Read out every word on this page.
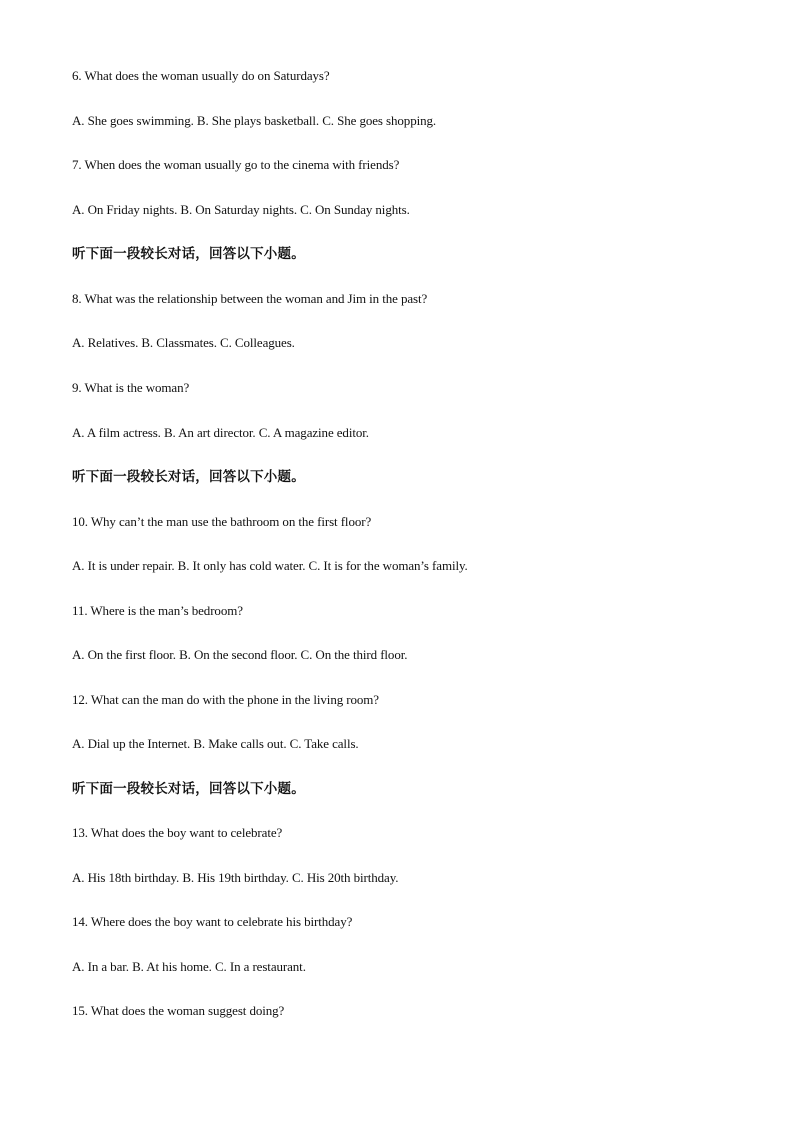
6. What does the woman usually do on Saturdays?
A. She goes swimming. B. She plays basketball. C. She goes shopping.
7. When does the woman usually go to the cinema with friends?
A. On Friday nights. B. On Saturday nights. C. On Sunday nights.
听下面一段较长对话，回答以下小题。
8. What was the relationship between the woman and Jim in the past?
A. Relatives. B. Classmates. C. Colleagues.
9. What is the woman?
A. A film actress. B. An art director. C. A magazine editor.
听下面一段较长对话，回答以下小题。
10. Why can’t the man use the bathroom on the first floor?
A. It is under repair. B. It only has cold water. C. It is for the woman’s family.
11. Where is the man’s bedroom?
A. On the first floor. B. On the second floor. C. On the third floor.
12. What can the man do with the phone in the living room?
A. Dial up the Internet. B. Make calls out. C. Take calls.
听下面一段较长对话，回答以下小题。
13. What does the boy want to celebrate?
A. His 18th birthday. B. His 19th birthday. C. His 20th birthday.
14. Where does the boy want to celebrate his birthday?
A. In a bar. B. At his home. C. In a restaurant.
15. What does the woman suggest doing?
